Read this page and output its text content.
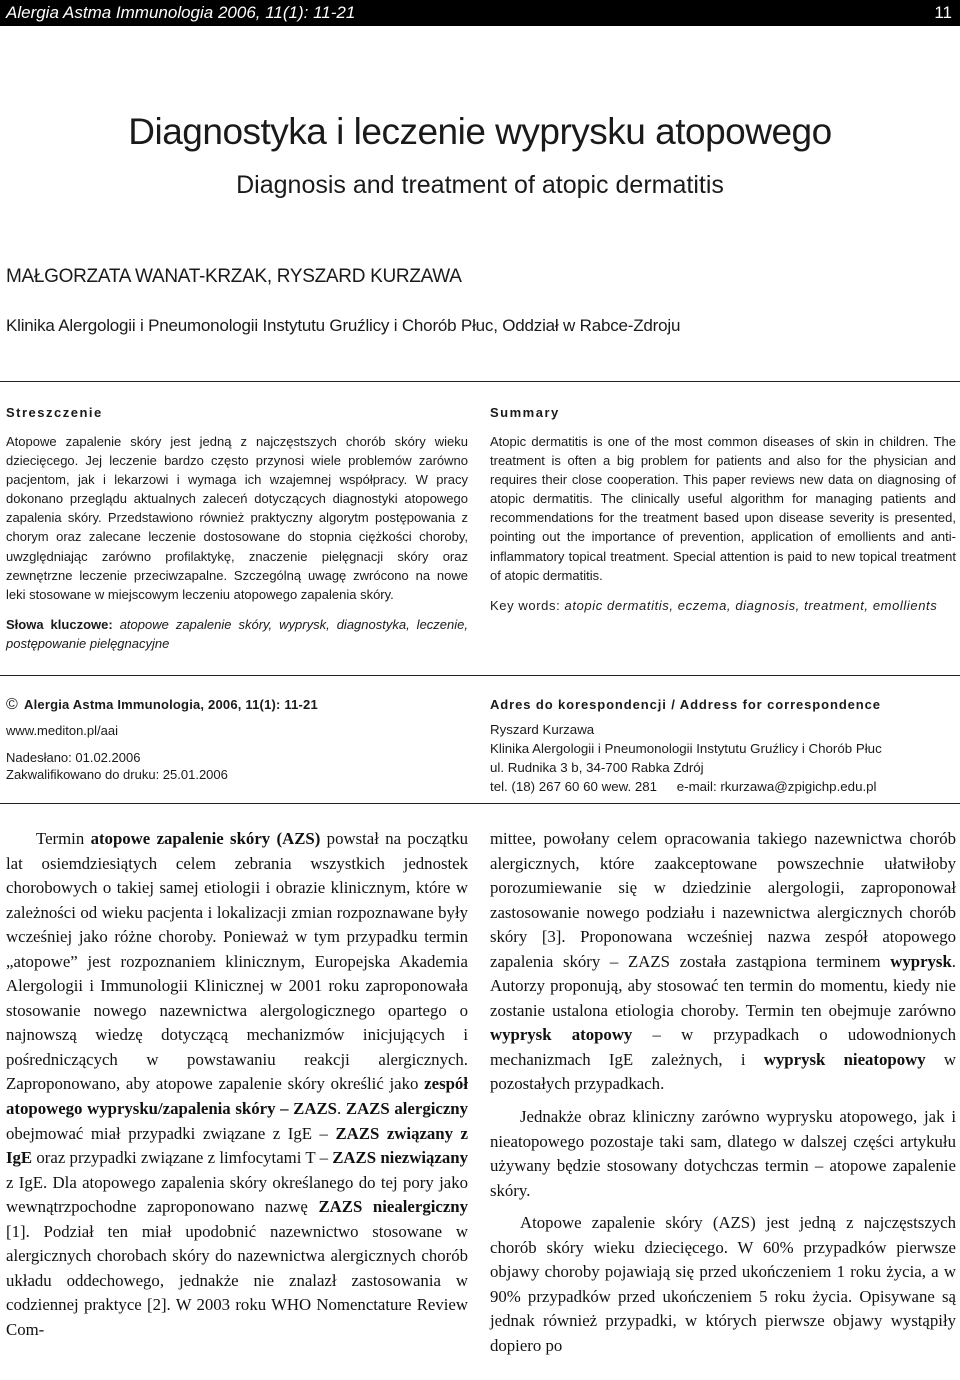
Alergia Astma Immunologia 2006, 11(1): 11-21	11
Diagnostyka i leczenie wyprysku atopowego
Diagnosis and treatment of atopic dermatitis
MAŁGORZATA WANAT-KRZAK, RYSZARD KURZAWA
Klinika Alergologii i Pneumonologii Instytutu Gruźlicy i Chorób Płuc, Oddział w Rabce-Zdroju
Streszczenie
Atopowe zapalenie skóry jest jedną z najczęstszych chorób skóry wieku dziecięcego. Jej leczenie bardzo często przynosi wiele problemów zarówno pacjentom, jak i lekarzowi i wymaga ich wzajemnej współpracy. W pracy dokonano przeglądu aktualnych zaleceń dotyczących diagnostyki atopowego zapalenia skóry. Przedstawiono również praktyczny algorytm postępowania z chorym oraz zalecane leczenie dostosowane do stopnia ciężkości choroby, uwzględniając zarówno profilaktykę, znaczenie pielęgnacji skóry oraz zewnętrzne leczenie przeciwzapalne. Szczególną uwagę zwrócono na nowe leki stosowane w miejscowym leczeniu atopowego zapalenia skóry.
Słowa kluczowe: atopowe zapalenie skóry, wyprysk, diagnostyka, leczenie, postępowanie pielęgnacyjne
Summary
Atopic dermatitis is one of the most common diseases of skin in children. The treatment is often a big problem for patients and also for the physician and requires their close cooperation. This paper reviews new data on diagnosing of atopic dermatitis. The clinically useful algorithm for managing patients and recommendations for the treatment based upon disease severity is presented, pointing out the importance of prevention, application of emollients and anti-inflammatory topical treatment. Special attention is paid to new topical treatment of atopic dermatitis.
Key words: atopic dermatitis, eczema, diagnosis, treatment, emollients
© Alergia Astma Immunologia, 2006, 11(1): 11-21
www.mediton.pl/aai
Nadesłano: 01.02.2006
Zakwalifikowano do druku: 25.01.2006
Adres do korespondencji / Address for correspondence
Ryszard Kurzawa
Klinika Alergologii i Pneumonologii Instytutu Gruźlicy i Chorób Płuc
ul. Rudnika 3 b, 34-700 Rabka Zdrój
tel. (18) 267 60 60 wew. 281 e-mail: rkurzawa@zpigichp.edu.pl

Termin atopowe zapalenie skóry (AZS) powstał na początku lat osiemdziesiątych celem zebrania wszystkich jednostek chorobowych o takiej samej etiologii i obrazie klinicznym, które w zależności od wieku pacjenta i lokalizacji zmian rozpoznawane były wcześniej jako różne choroby. Ponieważ w tym przypadku termin „atopowe” jest rozpoznaniem klinicznym, Europejska Akademia Alergologii i Immunologii Klinicznej w 2001 roku zaproponowała stosowanie nowego nazewnictwa alergologicznego opartego o najnowszą wiedzę dotyczącą mechanizmów inicjujących i pośredniczących w powstawaniu reakcji alergicznych. Zaproponowano, aby atopowe zapalenie skóry określić jako zespół atopowego wyprysku/zapalenia skóry – ZAZS. ZAZS alergiczny obejmować miał przypadki związane z IgE – ZAZS związany z IgE oraz przypadki związane z limfocytami T – ZAZS niezwiązany z IgE. Dla atopowego zapalenia skóry określanego do tej pory jako wewnątrzpochodne zaproponowano nazwę ZAZS niealergiczny [1]. Podział ten miał upodobnić nazewnictwo stosowane w alergicznych chorobach skóry do nazewnictwa alergicznych chorób układu oddechowego, jednakże nie znalazł zastosowania w codziennej praktyce [2]. W 2003 roku WHO Nomenctature Review Com-

mittee, powołany celem opracowania takiego nazewnictwa chorób alergicznych, które zaakceptowane powszechnie ułatwiłoby porozumiewanie się w dziedzinie alergologii, zaproponował zastosowanie nowego podziału i nazewnictwa alergicznych chorób skóry [3]. Proponowana wcześniej nazwa zespół atopowego zapalenia skóry – ZAZS została zastąpiona terminem wyprysk. Autorzy proponują, aby stosować ten termin do momentu, kiedy nie zostanie ustalona etiologia choroby. Termin ten obejmuje zarówno wyprysk atopowy – w przypadkach o udowodnionych mechanizmach IgE zależnych, i wyprysk nieatopowy w pozostałych przypadkach.

Jednakże obraz kliniczny zarówno wyprysku atopowego, jak i nieatopowego pozostaje taki sam, dlatego w dalszej części artykułu używany będzie stosowany dotychczas termin – atopowe zapalenie skóry.

Atopowe zapalenie skóry (AZS) jest jedną z najczęstszych chorób skóry wieku dziecięcego. W 60% przypadków pierwsze objawy choroby pojawiają się przed ukończeniem 1 roku życia, a w 90% przypadków przed ukończeniem 5 roku życia. Opisywane są jednak również przypadki, w których pierwsze objawy wystąpiły dopiero po
